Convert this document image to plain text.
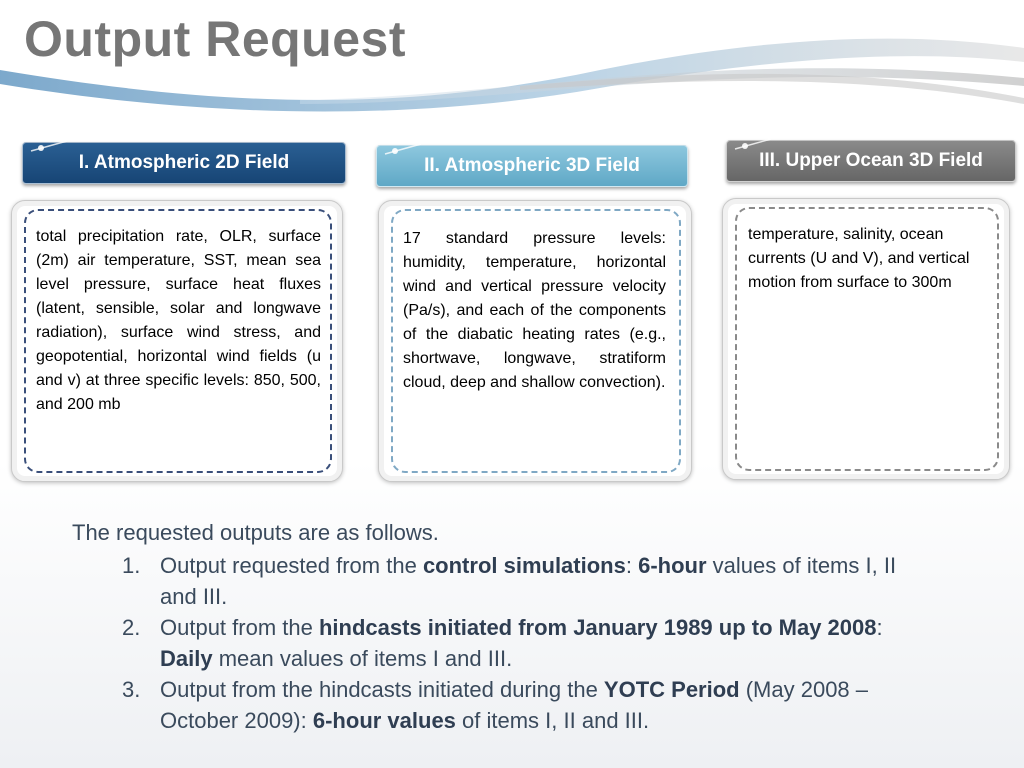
Output Request
I. Atmospheric 2D Field	II. Atmospheric 3D Field	III. Upper Ocean 3D Field

total precipitation rate, OLR, surface (2m) air temperature, SST, mean sea level pressure, surface heat fluxes (latent, sensible, solar and longwave radiation), surface wind stress, and geopotential, horizontal wind fields (u and v) at three specific levels: 850, 500, and 200 mb

17 standard pressure levels: humidity, temperature, horizontal wind and vertical pressure velocity (Pa/s), and each of the components of the diabatic heating rates (e.g., shortwave, longwave, stratiform cloud, deep and shallow convection).

temperature, salinity, ocean currents (U and V), and vertical motion from surface to 300m

The requested outputs are as follows.

1. Output requested from the control simulations: 6-hour values of items I, II and III.
2. Output from the hindcasts initiated from January 1989 up to May 2008: Daily mean values of items I and III.
3. Output from the hindcasts initiated during the YOTC Period (May 2008 – October 2009): 6-hour values of items I, II and III.
